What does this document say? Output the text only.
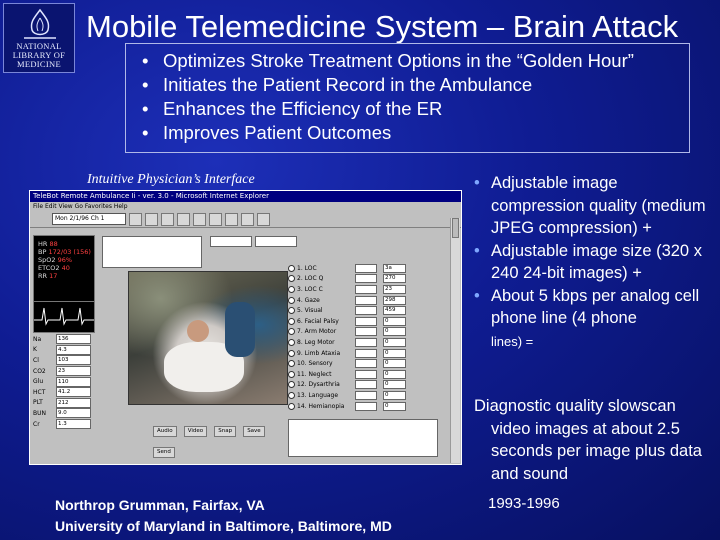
NATIONAL
LIBRARY OF
MEDICINE
Mobile Telemedicine System – Brain Attack
• Optimizes Stroke Treatment Options in the “Golden Hour”
• Initiates the Patient Record in the Ambulance
• Enhances the Efficiency of the ER
• Improves Patient Outcomes
Intuitive Physician’s Interface
TeleBot Remote Ambulance Ii - ver. 3.0 - Microsoft Internet Explorer
File Edit View Go Favorites Help
Mon 2/1/96 Ch 1
HR 88
BP 172/03 (156)
SpO2 96%
ETCO2 40
RR 17
Na	136
K	4.3
Cl	103
CO2	23
Glu	110
HCT	41.2
PLT	212
BUN	9.0
Cr	1.3
1. LOC	3a
2. LOC Q	270
3. LOC C	23
4. Gaze	298
5. Visual	459
6. Facial Palsy	0
7. Arm Motor	0
8. Leg Motor	0
9. Limb Ataxia	0
10. Sensory	0
11. Neglect	0
12. Dysarthria	0
13. Language	0
14. Hemianopia	0
Audio	Video	Snap	Save Send
• Adjustable image compression quality (medium JPEG compression) +
• Adjustable image size (320 x 240 24-bit images) +
• About 5 kbps per analog cell phone line (4 phone
lines) =
Diagnostic quality slowscan
video images at about 2.5 seconds per image plus data and sound
Northrop Grumman, Fairfax, VA
University of Maryland in Baltimore, Baltimore, MD
1993-1996
